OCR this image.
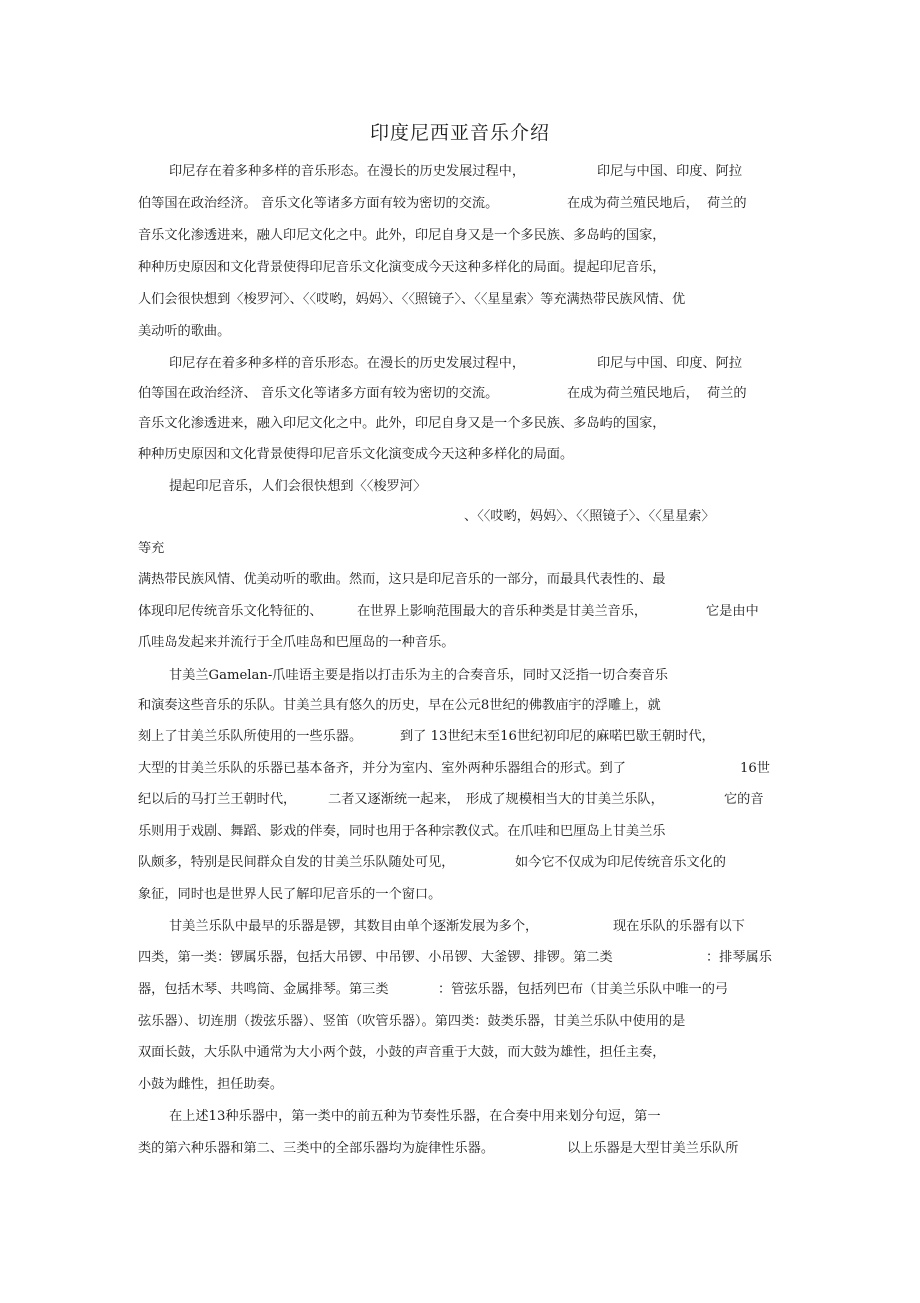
印度尼西亚音乐介绍
印尼存在着多种多样的音乐形态。在漫长的历史发展过程中，	印尼与中国、印度、阿拉
伯等国在政治经济。 音乐文化等诸多方面有较为密切的交流。	在成为荷兰殖民地后， 荷兰的
音乐文化渗透进来，融人印尼文化之中。此外，印尼自身又是一个多民族、多岛屿的国家，
种种历史原因和文化背景使得印尼音乐文化演变成今天这种多样化的局面。提起印尼音乐，
人们会很快想到〈梭罗河〉、〈〈哎哟，妈妈〉、〈〈照镜子〉、〈〈星星索〉等充满热带民族风情、优
美动听的歌曲。
印尼存在着多种多样的音乐形态。在漫长的历史发展过程中，	印尼与中国、印度、阿拉
伯等国在政治经济、 音乐文化等诸多方面有较为密切的交流。	在成为荷兰殖民地后， 荷兰的
音乐文化渗透进来，融入印尼文化之中。此外，印尼自身又是一个多民族、多岛屿的国家，
种种历史原因和文化背景使得印尼音乐文化演变成今天这种多样化的局面。
提起印尼音乐，人们会很快想到〈〈梭罗河〉
、〈〈哎哟，妈妈〉、〈〈照镜子〉、〈〈星星索〉
等充
满热带民族风情、优美动听的歌曲。然而，这只是印尼音乐的一部分，而最具代表性的、最
体现印尼传统音乐文化特征的、	在世界上影响范围最大的音乐种类是甘美兰音乐，	它是由中
爪哇岛发起来并流行于全爪哇岛和巴厘岛的一种音乐。
甘美兰Gamelan-爪哇语主要是指以打击乐为主的合奏音乐，同时又泛指一切合奏音乐
和演奏这些音乐的乐队。甘美兰具有悠久的历史，早在公元8世纪的佛教庙宇的浮雕上，就
刻上了甘美兰乐队所使用的一些乐器。	到了 13世纪末至16世纪初印尼的麻喏巴歇王朝时代，
大型的甘美兰乐队的乐器已基本备齐，并分为室内、室外两种乐器组合的形式。到了	16世
纪以后的马打兰王朝时代， 二者又逐渐统一起来， 形成了规模相当大的甘美兰乐队，	它的音
乐则用于戏剧、舞蹈、影戏的伴奏，同时也用于各种宗教仪式。在爪哇和巴厘岛上甘美兰乐
队颇多，特别是民间群众自发的甘美兰乐队随处可见，	如今它不仅成为印尼传统音乐文化的
象征，同时也是世界人民了解印尼音乐的一个窗口。
甘美兰乐队中最早的乐器是锣，其数目由单个逐渐发展为多个，	现在乐队的乐器有以下
四类，第一类：锣属乐器，包括大吊锣、中吊锣、小吊锣、大釜锣、排锣。第二类	：排琴属乐
器，包括木琴、共鸣筒、金属排琴。第三类	：管弦乐器，包括列巴布（甘美兰乐队中唯一的弓
弦乐器）、切连朋（拨弦乐器）、竖笛（吹管乐器）。第四类：鼓类乐器，甘美兰乐队中使用的是
双面长鼓，大乐队中通常为大小两个鼓，小鼓的声音重于大鼓，而大鼓为雄性，担任主奏，
小鼓为雌性，担任助奏。
在上述13种乐器中，第一类中的前五种为节奏性乐器，在合奏中用来划分句逗，第一
类的第六种乐器和第二、三类中的全部乐器均为旋律性乐器。	以上乐器是大型甘美兰乐队所
